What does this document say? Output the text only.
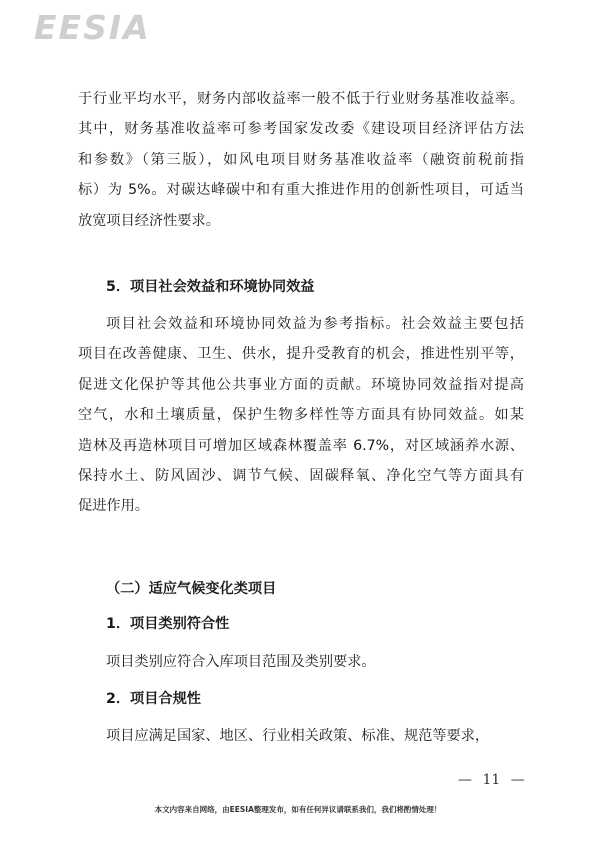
EESIA
于行业平均水平，财务内部收益率一般不低于行业财务基准收益率。
其中，财务基准收益率可参考国家发改委《建设项目经济评估方法
和参数》（第三版），如风电项目财务基准收益率（融资前税前指
标）为 5%。对碳达峰碳中和有重大推进作用的创新性项目，可适当
放宽项目经济性要求。
5．项目社会效益和环境协同效益
项目社会效益和环境协同效益为参考指标。社会效益主要包括
项目在改善健康、卫生、供水，提升受教育的机会，推进性别平等，
促进文化保护等其他公共事业方面的贡献。环境协同效益指对提高
空气，水和土壤质量，保护生物多样性等方面具有协同效益。如某
造林及再造林项目可增加区域森林覆盖率 6.7%，对区域涵养水源、
保持水土、防风固沙、调节气候、固碳释氧、净化空气等方面具有
促进作用。
（二）适应气候变化类项目
1．项目类别符合性
项目类别应符合入库项目范围及类别要求。
2．项目合规性
项目应满足国家、地区、行业相关政策、标准、规范等要求，
— 11 —
本文内容来自网络，由EESIA整理发布，如有任何异议请联系我们，我们将酌情处理！
